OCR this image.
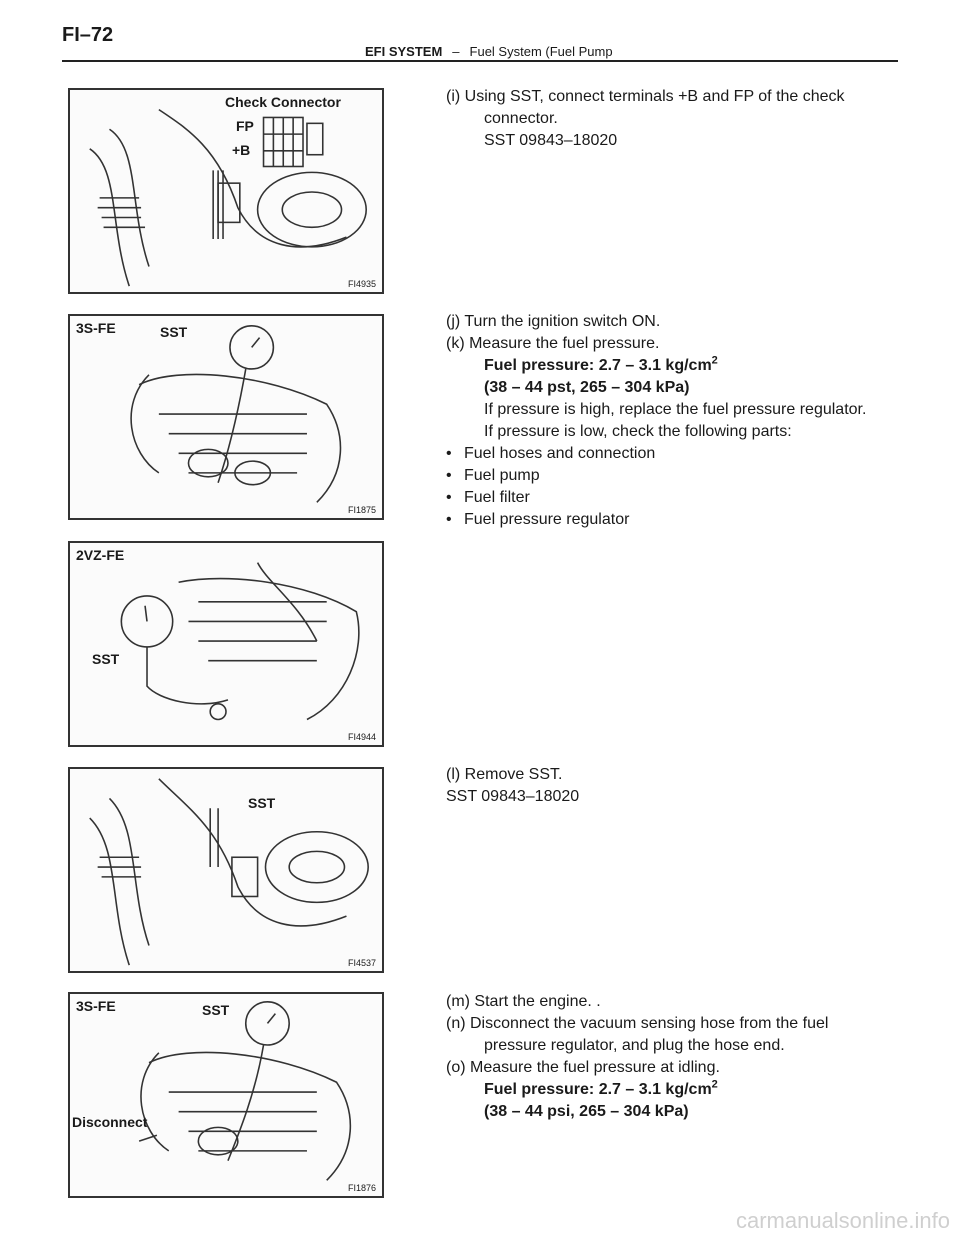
FI–72
EFI SYSTEM – Fuel System (Fuel Pump
Check Connector
FP
+B
FI4935
3S-FE	SST
FI1875
2VZ-FE
SST
FI4944
SST
FI4537
3S-FE	SST
Disconnect
FI1876

(i) Using SST, connect terminals +B and FP of the check

connector.

SST 09843–18020

(j) Turn the ignition switch ON.

(k) Measure the fuel pressure.

Fuel pressure: 2.7 – 3.1 $kg/cm^2$

(38 – 44 pst, 265 – 304 kPa)

If pressure is high, replace the fuel pressure regulator.

If pressure is low, check the following parts:

• Fuel hoses and connection

• Fuel pump

• Fuel filter

• Fuel pressure regulator

(l) Remove SST.

SST 09843–18020

(m) Start the engine. .

(n) Disconnect the vacuum sensing hose from the fuel

pressure regulator, and plug the hose end.

(o) Measure the fuel pressure at idling.

Fuel pressure: 2.7 – 3.1 $kg/cm^2$

(38 – 44 psi, 265 – 304 kPa)

carmanualsonline.info
